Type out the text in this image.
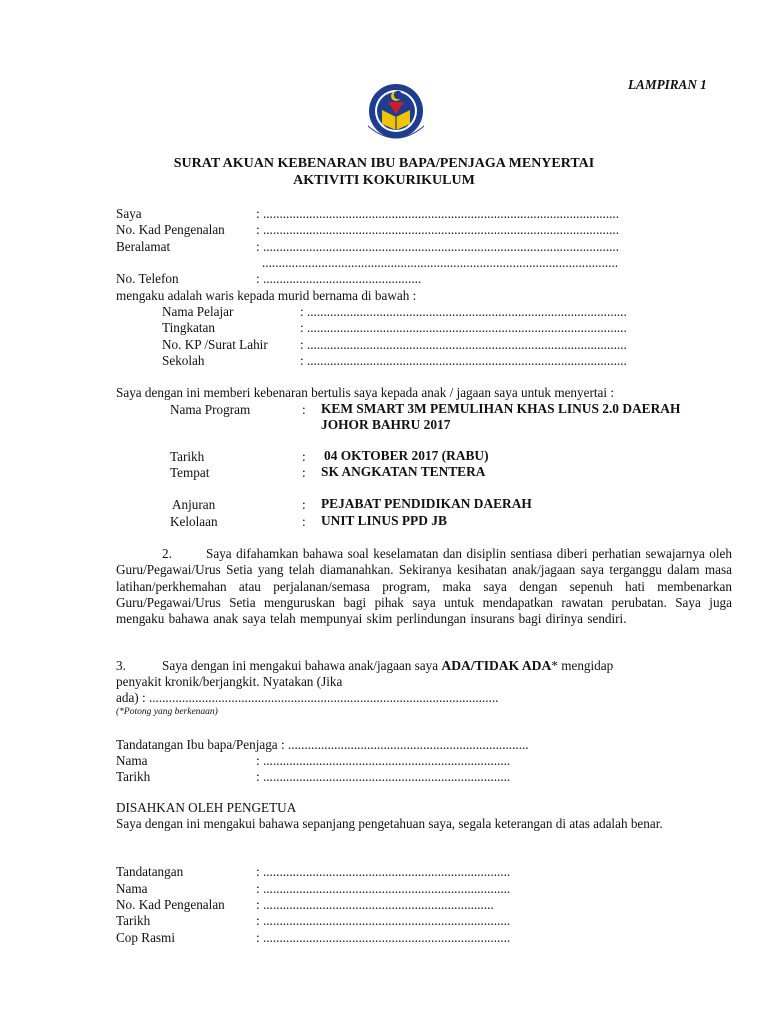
LAMPIRAN 1
SURAT AKUAN KEBENARAN IBU BAPA/PENJAGA MENYERTAI
AKTIVITI KOKURIKULUM
Saya	: ............................................................................................................
No. Kad Pengenalan : ............................................................................................................
Beralamat	: ............................................................................................................
............................................................................................................
No. Telefon	: ................................................
mengaku adalah waris kepada murid bernama di bawah :
Nama Pelajar	: .................................................................................................
Tingkatan	: .................................................................................................
No. KP /Surat Lahir : .................................................................................................
Sekolah	: .................................................................................................
Saya dengan ini memberi kebenaran bertulis saya kepada anak / jagaan saya untuk menyertai :
Nama Program	: KEM SMART 3M PEMULIHAN KHAS LINUS 2.0 DAERAH
JOHOR BAHRU 2017
Tarikh	: 04 OKTOBER 2017 (RABU)
Tempat	: SK ANGKATAN TENTERA
Anjuran	: PEJABAT PENDIDIKAN DAERAH
Kelolaan	: UNIT LINUS PPD JB
2.	Saya difahamkan bahawa soal keselamatan dan disiplin sentiasa diberi perhatian sewajarnya oleh Guru/Pegawai/Urus Setia yang telah diamanahkan. Sekiranya kesihatan anak/jagaan saya terganggu dalam masa latihan/perkhemahan atau perjalanan/semasa program, maka saya dengan sepenuh hati membenarkan Guru/Pegawai/Urus Setia menguruskan bagi pihak saya untuk mendapatkan rawatan perubatan. Saya juga mengaku bahawa anak saya telah mempunyai skim perlindungan insurans bagi dirinya sendiri.
3.	Saya dengan ini mengakui bahawa anak/jagaan saya ADA/TIDAK ADA* mengidap
penyakit kronik/berjangkit. Nyatakan (Jika
ada) : ..........................................................................................................
(*Potong yang berkenaan)
Tandatangan Ibu bapa/Penjaga : .........................................................................
Nama	: ...........................................................................
Tarikh	: ...........................................................................
DISAHKAN OLEH PENGETUA
Saya dengan ini mengakui bahawa sepanjang pengetahuan saya, segala keterangan di atas adalah benar.
Tandatangan	: ...........................................................................
Nama	: ...........................................................................
No. Kad Pengenalan : ......................................................................
Tarikh	: ...........................................................................
Cop Rasmi	: ...........................................................................
